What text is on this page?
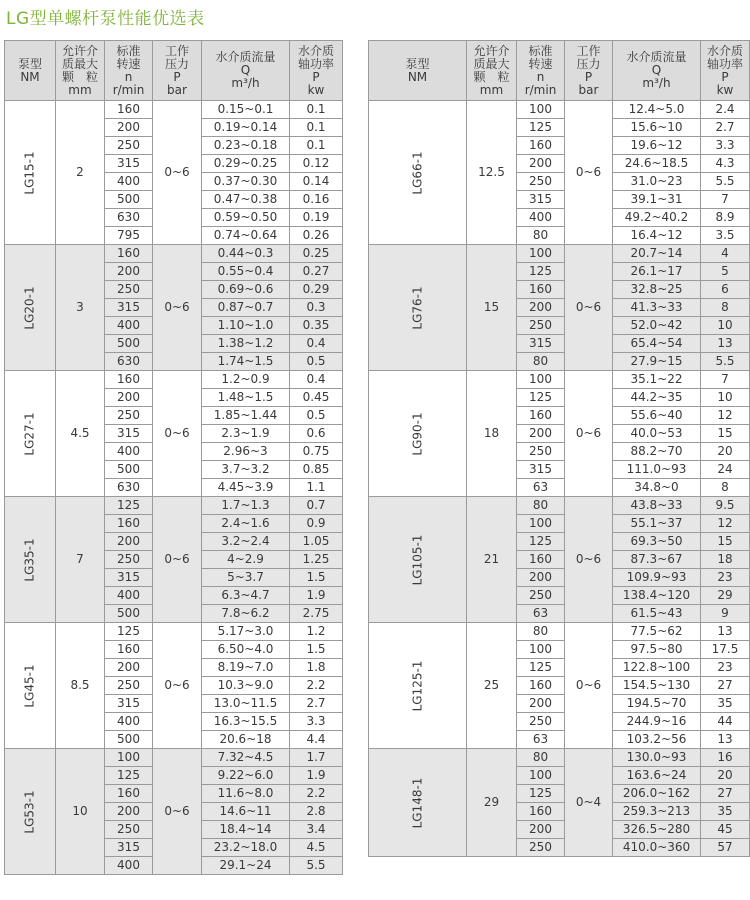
LG型单螺杆泵性能优选表
泵型
NM	允许介
质最大
颗　粒
mm	标准
转速
n
r/min	工作
压力
P
bar	水介质流量
Q
m³/h	水介质
轴功率
P
kw

LG15-1	2	160	0~6	0.15~0.1	0.1
		200		0.19~0.14	0.1
		250		0.23~0.18	0.1
		315		0.29~0.25	0.12
		400		0.37~0.30	0.14
		500		0.47~0.38	0.16
		630		0.59~0.50	0.19
		795		0.74~0.64	0.26

LG20-1	3	160	0~6	0.44~0.3	0.25
		200		0.55~0.4	0.27
		250		0.69~0.6	0.29
		315		0.87~0.7	0.3
		400		1.10~1.0	0.35
		500		1.38~1.2	0.4
		630		1.74~1.5	0.5

LG27-1	4.5	160	0~6	1.2~0.9	0.4
		200		1.48~1.5	0.45
		250		1.85~1.44	0.5
		315		2.3~1.9	0.6
		400		2.96~3	0.75
		500		3.7~3.2	0.85
		630		4.45~3.9	1.1

LG35-1	7	125	0~6	1.7~1.3	0.7
		160		2.4~1.6	0.9
		200		3.2~2.4	1.05
		250		4~2.9	1.25
		315		5~3.7	1.5
		400		6.3~4.7	1.9
		500		7.8~6.2	2.75

LG45-1	8.5	125	0~6	5.17~3.0	1.2
		160		6.50~4.0	1.5
		200		8.19~7.0	1.8
		250		10.3~9.0	2.2
		315		13.0~11.5	2.7
		400		16.3~15.5	3.3
		500		20.6~18	4.4

LG53-1	10	100	0~6	7.32~4.5	1.7
		125		9.22~6.0	1.9
		160		11.6~8.0	2.2
		200		14.6~11	2.8
		250		18.4~14	3.4
		315		23.2~18.0	4.5
		400		29.1~24	5.5
泵型
NM	允许介
质最大
颗　粒
mm	标准
转速
n
r/min	工作
压力
P
bar	水介质流量
Q
m³/h	水介质
轴功率
P
kw

LG66-1	12.5	100	0~6	12.4~5.0	2.4
		125		15.6~10	2.7
		160		19.6~12	3.3
		200		24.6~18.5	4.3
		250		31.0~23	5.5
		315		39.1~31	7
		400		49.2~40.2	8.9
		80		16.4~12	3.5

LG76-1	15	100	0~6	20.7~14	4
		125		26.1~17	5
		160		32.8~25	6
		200		41.3~33	8
		250		52.0~42	10
		315		65.4~54	13
		80		27.9~15	5.5

LG90-1	18	100	0~6	35.1~22	7
		125		44.2~35	10
		160		55.6~40	12
		200		40.0~53	15
		250		88.2~70	20
		315		111.0~93	24
		63		34.8~0	8

LG105-1	21	80	0~6	43.8~33	9.5
		100		55.1~37	12
		125		69.3~50	15
		160		87.3~67	18
		200		109.9~93	23
		250		138.4~120	29
		63		61.5~43	9

LG125-1	25	80	0~6	77.5~62	13
		100		97.5~80	17.5
		125		122.8~100	23
		160		154.5~130	27
		200		194.5~70	35
		250		244.9~16	44
		63		103.2~56	13

LG148-1	29	80	0~4	130.0~93	16
		100		163.6~24	20
		125		206.0~162	27
		160		259.3~213	35
		200		326.5~280	45
		250		410.0~360	57
